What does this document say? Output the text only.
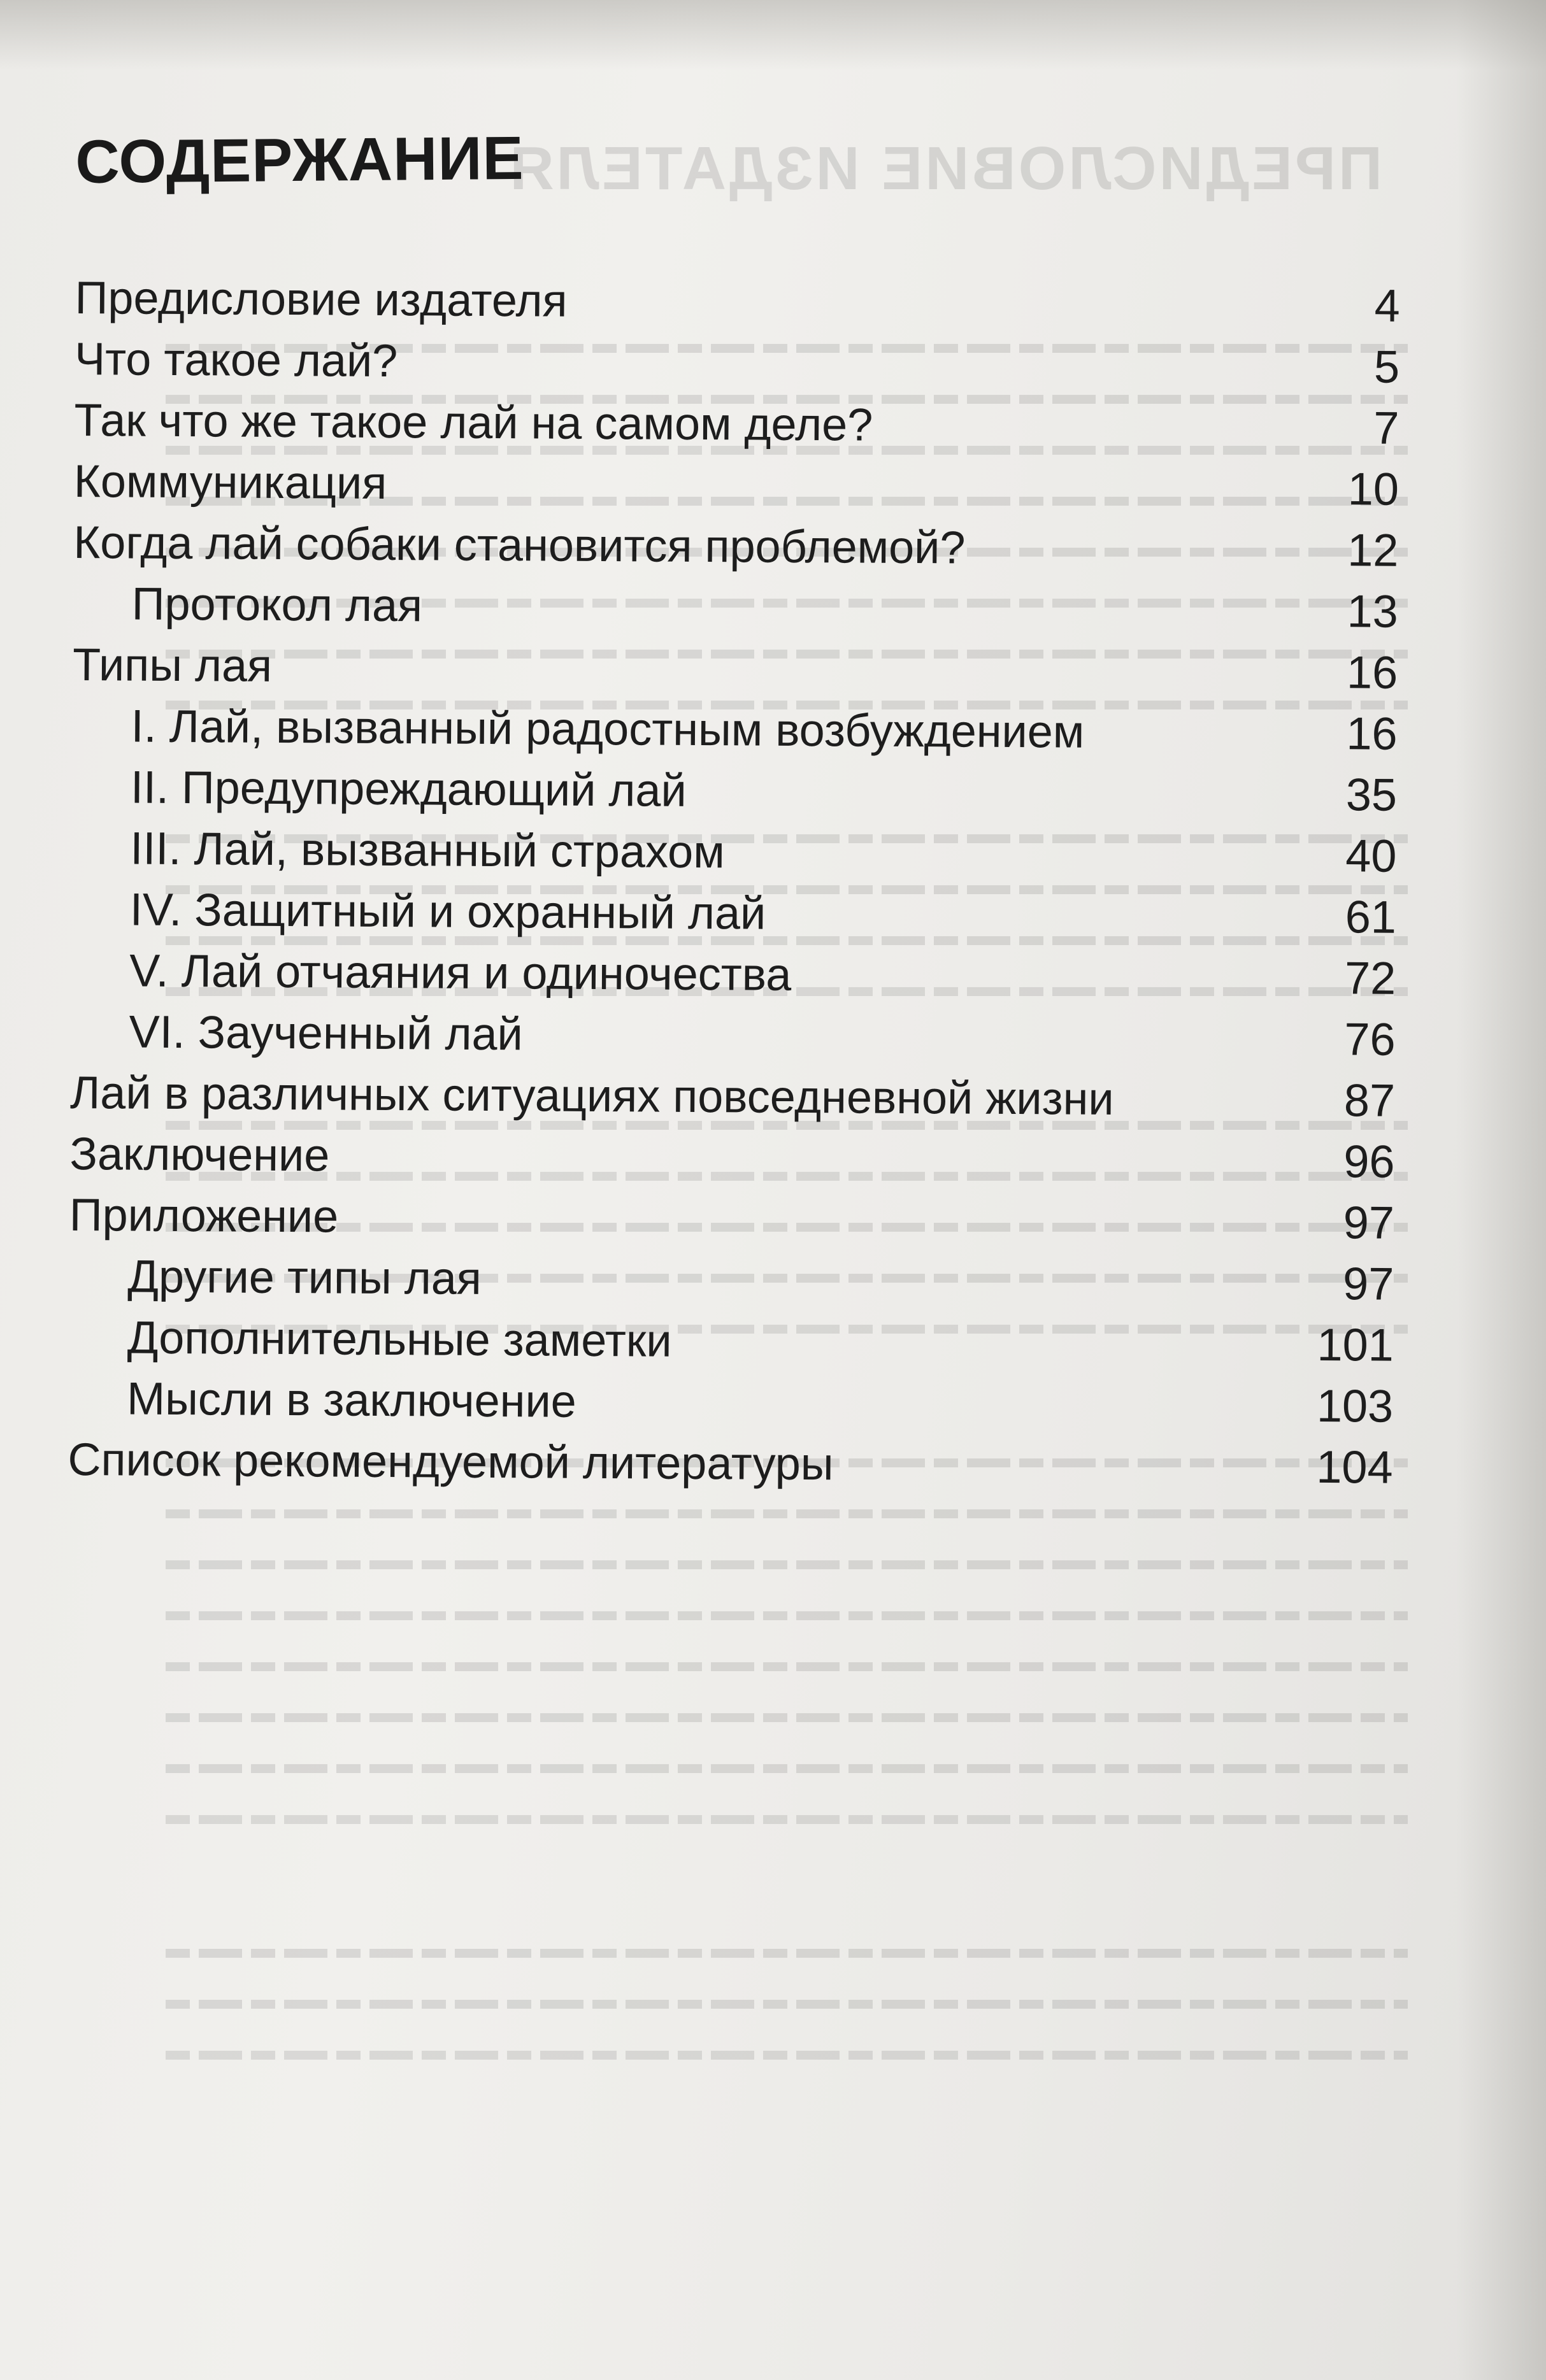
ПРЕДИСЛОВИЕ ИЗДАТЕЛЯ
СОДЕРЖАНИЕ
Предисловие издателя	4
Что такое лай?	5
Так что же такое лай на самом деле?	7
Коммуникация	10
Когда лай собаки становится проблемой?	12
Протокол лая	13
Типы лая	16
I. Лай, вызванный радостным возбуждением	16
II. Предупреждающий лай	35
III. Лай, вызванный страхом	40
IV. Защитный и охранный лай	61
V. Лай отчаяния и одиночества	72
VI. Заученный лай	76
Лай в различных ситуациях повседневной жизни	87
Заключение	96
Приложение	97
Другие типы лая	97
Дополнительные заметки	101
Мысли в заключение	103
Список рекомендуемой литературы	104
